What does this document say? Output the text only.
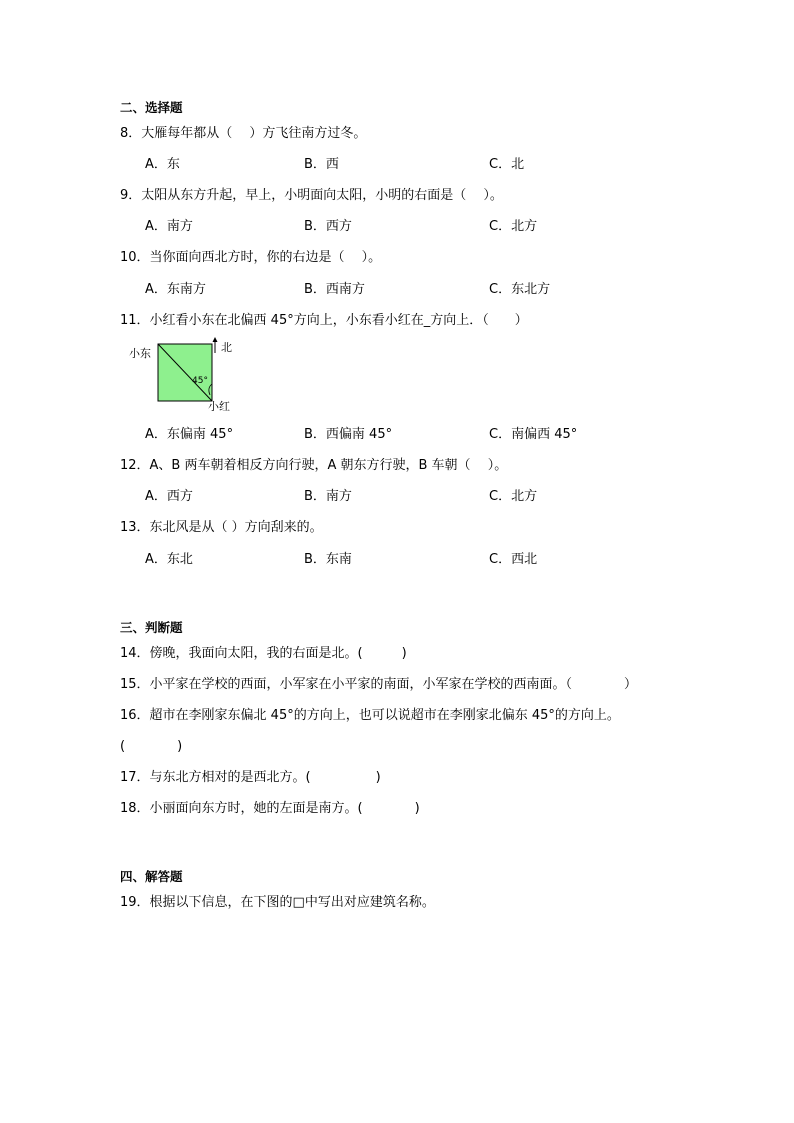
二、选择题
8．大雁每年都从（　 ）方飞往南方过冬。
A．东	B．西	C．北
9．太阳从东方升起，早上，小明面向太阳，小明的右面是（　 ）。
A．南方	B．西方	C．北方
10．当你面向西北方时，你的右边是（　 ）。
A．东南方	B．西南方	C．东北方
11．小红看小东在北偏西 45°方向上，小东看小红在_方向上．（　　）
小东	北
45°
小红
A．东偏南 45°	B．西偏南 45°	C．南偏西 45°
12．A、B 两车朝着相反方向行驶，A 朝东方行驶，B 车朝（　 ）。
A．西方	B．南方	C．北方
13．东北风是从（ ）方向刮来的。
A．东北	B．东南	C．西北
三、判断题
14．傍晚，我面向太阳，我的右面是北。(　　　)
15．小平家在学校的西面，小军家在小平家的南面，小军家在学校的西南面。（　　　　）
16．超市在李刚家东偏北 45°的方向上，也可以说超市在李刚家北偏东 45°的方向上。
(　　　　)
17．与东北方相对的是西北方。(　　　　　)
18．小丽面向东方时，她的左面是南方。(　　　　)
四、解答题
19．根据以下信息，在下图的□中写出对应建筑名称。
